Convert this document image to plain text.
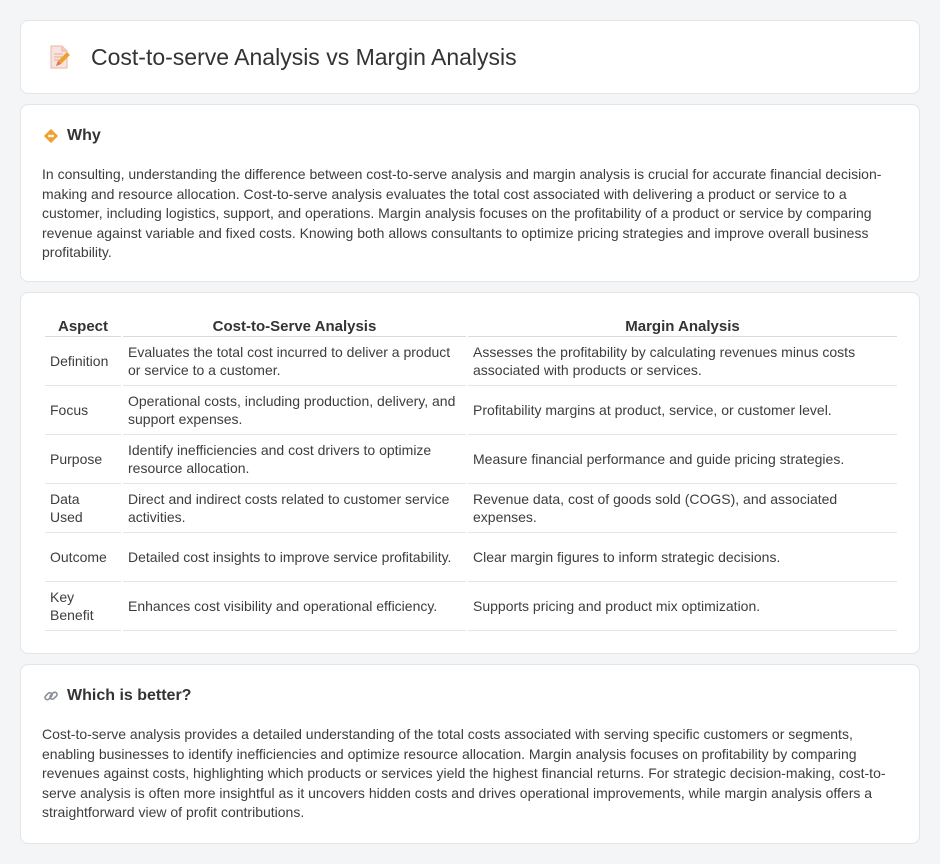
Cost-to-serve Analysis vs Margin Analysis
Why

In consulting, understanding the difference between cost-to-serve analysis and margin analysis is crucial for accurate financial decision-making and resource allocation. Cost-to-serve analysis evaluates the total cost associated with delivering a product or service to a customer, including logistics, support, and operations. Margin analysis focuses on the profitability of a product or service by comparing revenue against variable and fixed costs. Knowing both allows consultants to optimize pricing strategies and improve overall business profitability.

Aspect	Cost-to-Serve Analysis	Margin Analysis
Definition	Evaluates the total cost incurred to deliver a product or service to a customer.	Assesses the profitability by calculating revenues minus costs associated with products or services.
Focus	Operational costs, including production, delivery, and support expenses.	Profitability margins at product, service, or customer level.
Purpose	Identify inefficiencies and cost drivers to optimize resource allocation.	Measure financial performance and guide pricing strategies.
Data Used	Direct and indirect costs related to customer service activities.	Revenue data, cost of goods sold (COGS), and associated expenses.
Outcome	Detailed cost insights to improve service profitability.	Clear margin figures to inform strategic decisions.
Key Benefit	Enhances cost visibility and operational efficiency.	Supports pricing and product mix optimization.
Which is better?

Cost-to-serve analysis provides a detailed understanding of the total costs associated with serving specific customers or segments, enabling businesses to identify inefficiencies and optimize resource allocation. Margin analysis focuses on profitability by comparing revenues against costs, highlighting which products or services yield the highest financial returns. For strategic decision-making, cost-to-serve analysis is often more insightful as it uncovers hidden costs and drives operational improvements, while margin analysis offers a straightforward view of profit contributions.
